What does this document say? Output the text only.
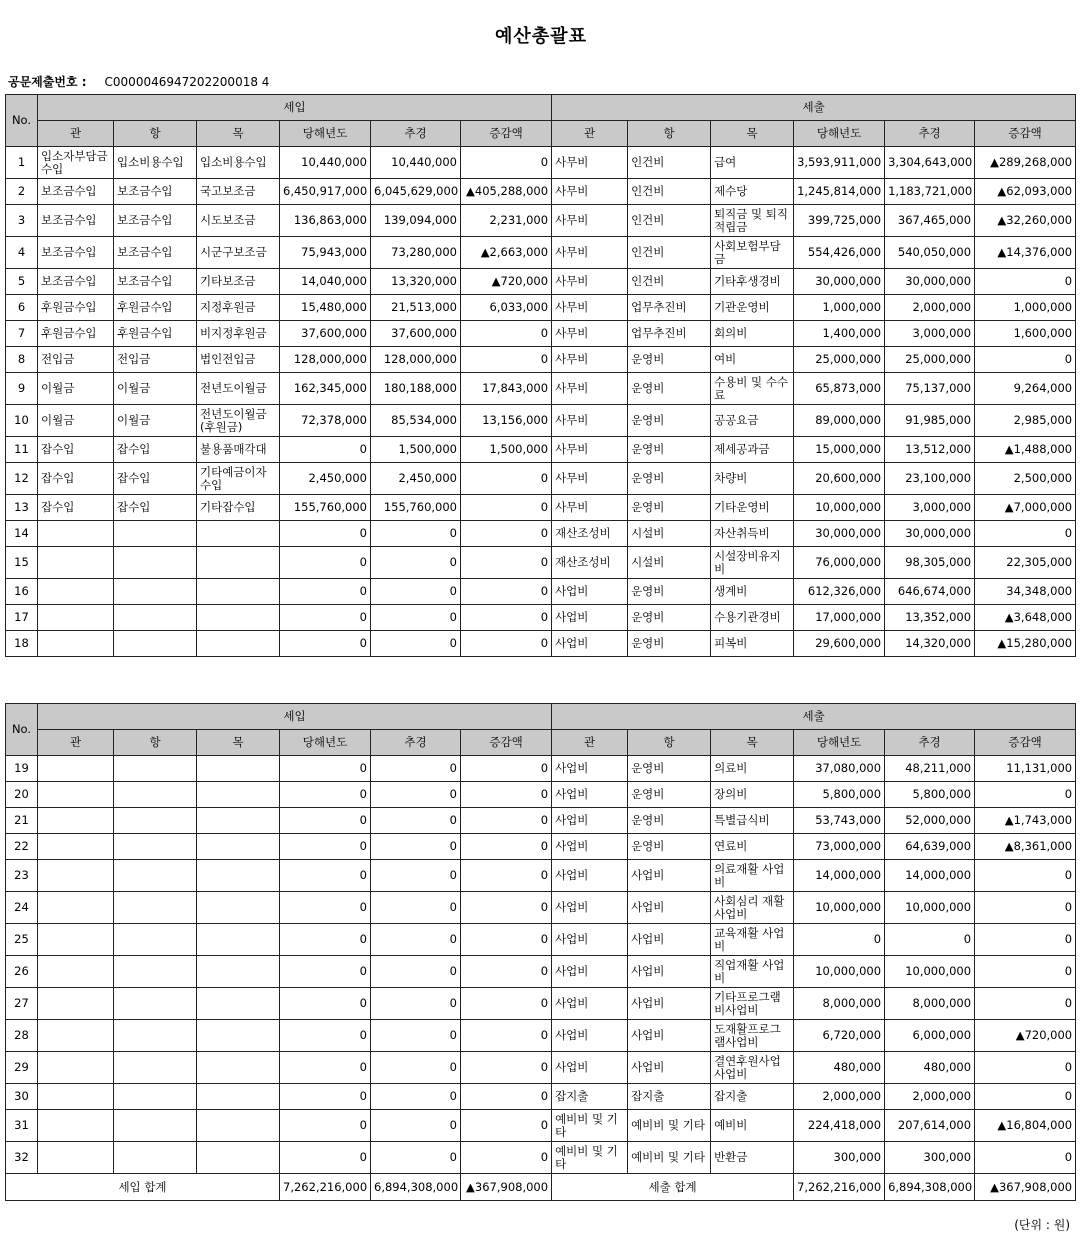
예산총괄표
공문제출번호 : C0000046947202200018 4
No.	세입						세출					
	관	항	목	당해년도	추경	증감액	관	항	목	당해년도	추경	증감액
1	입소자부담금수입	입소비용수입	입소비용수입	10,440,000	10,440,000	0	사무비	인건비	급여	3,593,911,000	3,304,643,000	▲289,268,000
2	보조금수입	보조금수입	국고보조금	6,450,917,000	6,045,629,000	▲405,288,000	사무비	인건비	제수당	1,245,814,000	1,183,721,000	▲62,093,000
3	보조금수입	보조금수입	시도보조금	136,863,000	139,094,000	2,231,000	사무비	인건비	퇴직금 및 퇴직적립금	399,725,000	367,465,000	▲32,260,000
4	보조금수입	보조금수입	시군구보조금	75,943,000	73,280,000	▲2,663,000	사무비	인건비	사회보험부담금	554,426,000	540,050,000	▲14,376,000
5	보조금수입	보조금수입	기타보조금	14,040,000	13,320,000	▲720,000	사무비	인건비	기타후생경비	30,000,000	30,000,000	0
6	후원금수입	후원금수입	지정후원금	15,480,000	21,513,000	6,033,000	사무비	업무추진비	기관운영비	1,000,000	2,000,000	1,000,000
7	후원금수입	후원금수입	비지정후원금	37,600,000	37,600,000	0	사무비	업무추진비	회의비	1,400,000	3,000,000	1,600,000
8	전입금	전입금	법인전입금	128,000,000	128,000,000	0	사무비	운영비	여비	25,000,000	25,000,000	0
9	이월금	이월금	전년도이월금	162,345,000	180,188,000	17,843,000	사무비	운영비	수용비 및 수수료	65,873,000	75,137,000	9,264,000
10	이월금	이월금	전년도이월금(후원금)	72,378,000	85,534,000	13,156,000	사무비	운영비	공공요금	89,000,000	91,985,000	2,985,000
11	잡수입	잡수입	불용품매각대	0	1,500,000	1,500,000	사무비	운영비	제세공과금	15,000,000	13,512,000	▲1,488,000
12	잡수입	잡수입	기타예금이자수입	2,450,000	2,450,000	0	사무비	운영비	차량비	20,600,000	23,100,000	2,500,000
13	잡수입	잡수입	기타잡수입	155,760,000	155,760,000	0	사무비	운영비	기타운영비	10,000,000	3,000,000	▲7,000,000
14				0	0	0	재산조성비	시설비	자산취득비	30,000,000	30,000,000	0
15				0	0	0	재산조성비	시설비	시설장비유지비	76,000,000	98,305,000	22,305,000
16				0	0	0	사업비	운영비	생계비	612,326,000	646,674,000	34,348,000
17				0	0	0	사업비	운영비	수용기관경비	17,000,000	13,352,000	▲3,648,000
18				0	0	0	사업비	운영비	피복비	29,600,000	14,320,000	▲15,280,000
No.	세입						세출					
	관	항	목	당해년도	추경	증감액	관	항	목	당해년도	추경	증감액
19				0	0	0	사업비	운영비	의료비	37,080,000	48,211,000	11,131,000
20				0	0	0	사업비	운영비	장의비	5,800,000	5,800,000	0
21				0	0	0	사업비	운영비	특별급식비	53,743,000	52,000,000	▲1,743,000
22				0	0	0	사업비	운영비	연료비	73,000,000	64,639,000	▲8,361,000
23				0	0	0	사업비	사업비	의료재활 사업비	14,000,000	14,000,000	0
24				0	0	0	사업비	사업비	사회심리 재활 사업비	10,000,000	10,000,000	0
25				0	0	0	사업비	사업비	교육재활 사업비	0	0	0
26				0	0	0	사업비	사업비	직업재활 사업비	10,000,000	10,000,000	0
27				0	0	0	사업비	사업비	기타프로그램비사업비	8,000,000	8,000,000	0
28				0	0	0	사업비	사업비	도재활프로그램사업비	6,720,000	6,000,000	▲720,000
29				0	0	0	사업비	사업비	결연후원사업사업비	480,000	480,000	0
30				0	0	0	잡지출	잡지출	잡지출	2,000,000	2,000,000	0
31				0	0	0	예비비 및 기타	예비비 및 기타	예비비	224,418,000	207,614,000	▲16,804,000
32				0	0	0	예비비 및 기타	예비비 및 기타	반환금	300,000	300,000	0
세입 합계				7,262,216,000	6,894,308,000	▲367,908,000	세출 합계			7,262,216,000	6,894,308,000	▲367,908,000
(단위 : 원)
